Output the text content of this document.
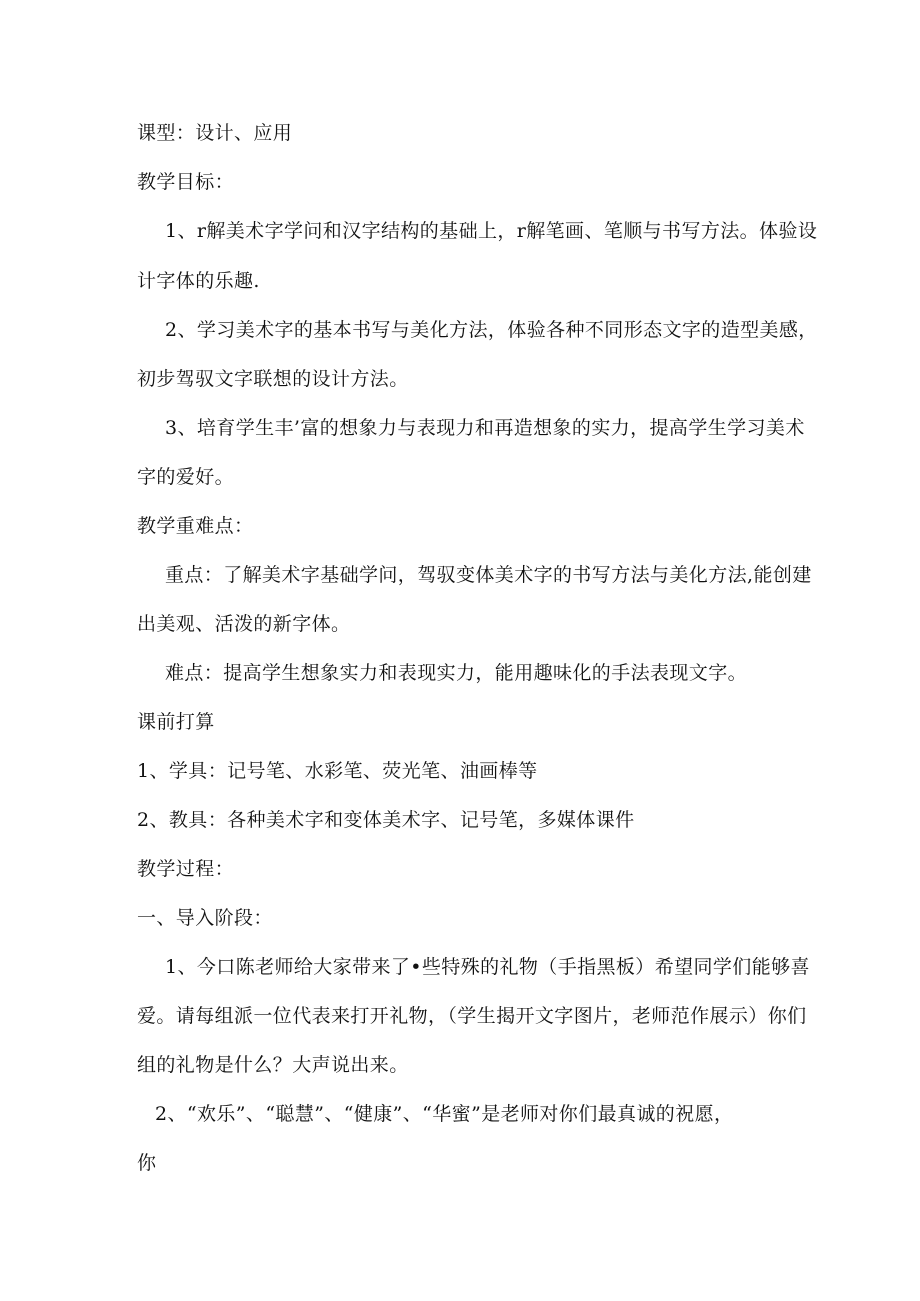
课型：设计、应用
教学目标：
1、r解美术字学问和汉字结构的基础上，r解笔画、笔顺与书写方法。体验设
计字体的乐趣.
2、学习美术字的基本书写与美化方法，体验各种不同形态文字的造型美感，
初步驾驭文字联想的设计方法。
3、培育学生丰’富的想象力与表现力和再造想象的实力，提高学生学习美术
字的爱好。
教学重难点：
重点：了解美术字基础学问，驾驭变体美术字的书写方法与美化方法,能创建
出美观、活泼的新字体。
难点：提高学生想象实力和表现实力，能用趣味化的手法表现文字。
课前打算
1、学具：记号笔、水彩笔、荧光笔、油画棒等
2、教具：各种美术字和变体美术字、记号笔，多媒体课件
教学过程：
一、导入阶段：
1、今口陈老师给大家带来了•些特殊的礼物（手指黑板）希望同学们能够喜
爱。请每组派一位代表来打开礼物，（学生揭开文字图片，老师范作展示）你们
组的礼物是什么？大声说出来。
2、“欢乐”、“聪慧”、“健康”、“华蜜”是老师对你们最真诚的祝愿，
你
